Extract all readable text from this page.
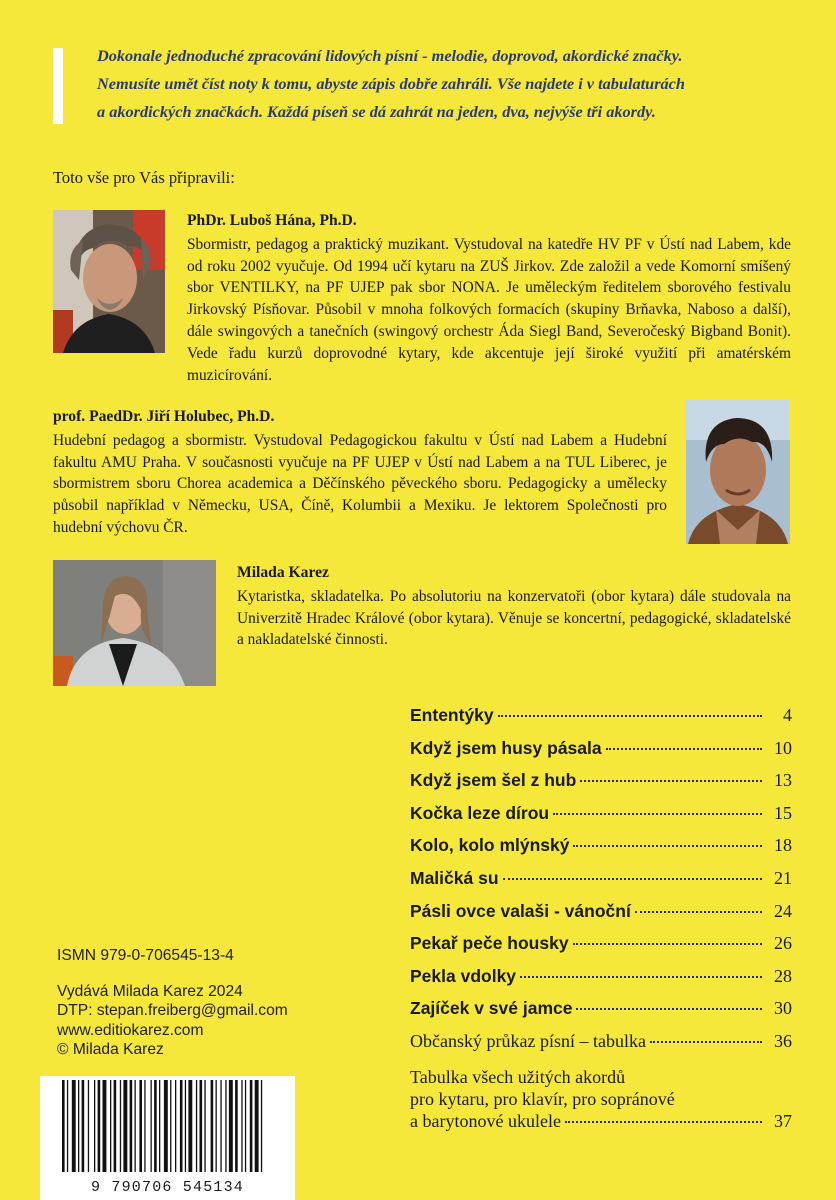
Dokonale jednoduché zpracování lidových písní - melodie, doprovod, akordické značky.
Nemusíte umět číst noty k tomu, abyste zápis dobře zahráli. Vše najdete i v tabulaturách
a akordických značkách. Každá píseň se dá zahrát na jeden, dva, nejvýše tři akordy.
Toto vše pro Vás připravili:
PhDr. Luboš Hána, Ph.D.
Sbormistr, pedagog a praktický muzikant. Vystudoval na katedře HV PF v Ústí nad Labem, kde od roku 2002 vyučuje. Od 1994 učí kytaru na ZUŠ Jirkov. Zde založil a vede Komorní smíšený sbor VENTILKY, na PF UJEP pak sbor NONA. Je uměleckým ředitelem sborového festivalu Jirkovský Písňovar. Působil v mnoha folkových formacích (skupiny Brňavka, Naboso a další), dále swingových a tanečních (swingový orchestr Áda Siegl Band, Severočeský Bigband Bonit). Vede řadu kurzů doprovodné kytary, kde akcentuje její široké využití při amatérském muzicírování.
prof. PaedDr. Jiří Holubec, Ph.D.
Hudební pedagog a sbormistr. Vystudoval Pedagogickou fakultu v Ústí nad Labem a Hudební fakultu AMU Praha. V současnosti vyučuje na PF UJEP v Ústí nad Labem a na TUL Liberec, je sbormistrem sboru Chorea academica a Děčínského pěveckého sboru. Pedagogicky a umělecky působil například v Německu, USA, Číně, Kolumbii a Mexiku. Je lektorem Společnosti pro hudební výchovu ČR.
Milada Karez
Kytaristka, skladatelka. Po absolutoriu na konzervatoři (obor kytara) dále studovala na Univerzitě Hradec Králové (obor kytara). Věnuje se koncertní, pedagogické, skladatelské a nakladatelské činnosti.
Ententýky	4
Když jsem husy pásala	10
Když jsem šel z hub	13
Kočka leze dírou	15
Kolo, kolo mlýnský	18
Maličká su	21
Pásli ovce valaši - vánoční	24
Pekař peče housky	26
Pekla vdolky	28
Zajíček v své jamce	30
Občanský průkaz písní – tabulka	36
Tabulka všech užitých akordů
pro kytaru, pro klavír, pro sopránové
a barytonové ukulele	37
ISMN 979-0-706545-13-4
Vydává Milada Karez 2024
DTP: stepan.freiberg@gmail.com
www.editiokarez.com
© Milada Karez
9 790706 545134
